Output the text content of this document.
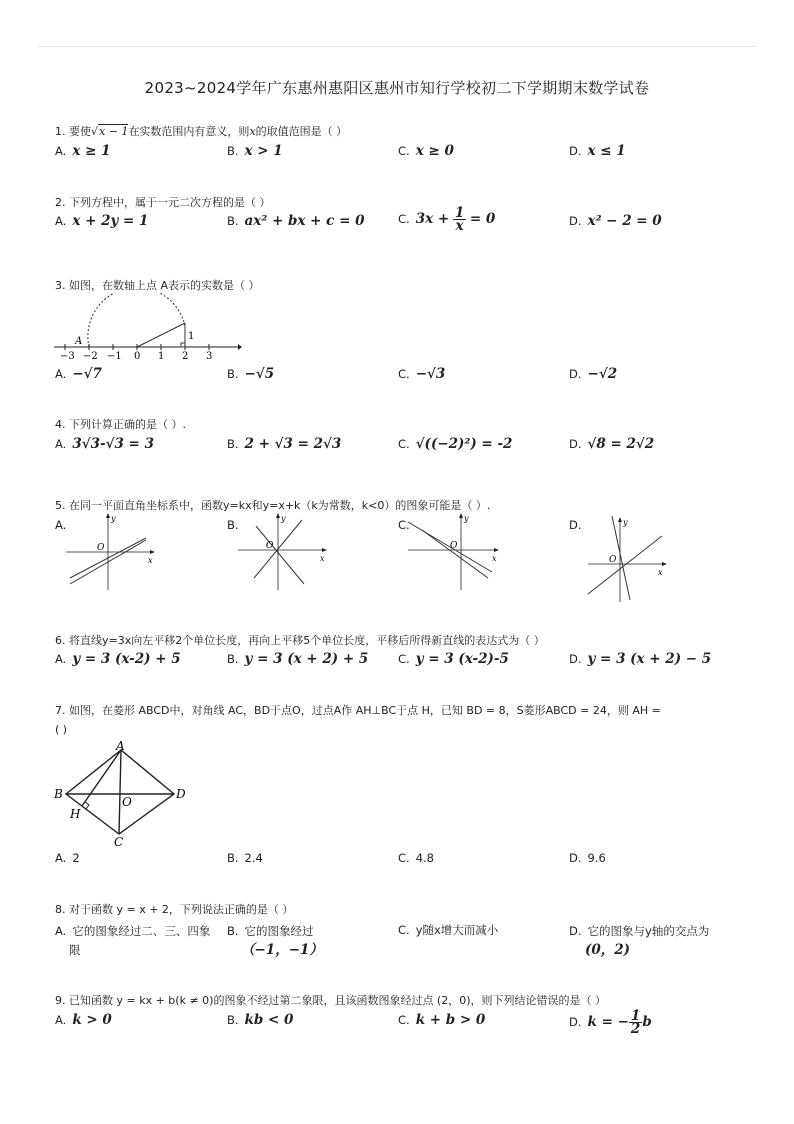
2023~2024学年广东惠州惠阳区惠州市知行学校初二下学期期末数学试卷
1. 要使√x − 1在实数范围内有意义，则x的取值范围是（ ）
A. x ≥ 1	B. x > 1	C. x ≥ 0	D. x ≤ 1
2. 下列方程中，属于一元二次方程的是（ ）
A. x + 2y = 1	B. ax² + bx + c = 0	C. $3x + \frac{1}{x} = 0$	D. x² − 2 = 0
3. 如图，在数轴上点 A表示的实数是（ ）
A	1
−3 −2 −1 0 1 2 3
A. −√7	B. −√5	C. −√3	D. −√2
4. 下列计算正确的是（ ）.
A. 3√3-√3 = 3	B. 2 + √3 = 2√3	C. √((−2)²) = -2	D. √8 = 2√2
5. 在同一平面直角坐标系中，函数y=kx和y=x+k（k为常数，k<0）的图象可能是（ ）.
A.	B.	C.	D.
O
x
y
O
x
y
O
x
y
O
x
y
6. 将直线y=3x向左平移2个单位长度，再向上平移5个单位长度，平移后所得新直线的表达式为（ ）
A. y = 3 (x-2) + 5	B. y = 3 (x + 2) + 5	C. y = 3 (x-2)-5	D. y = 3 (x + 2) − 5
7. 如图，在菱形 ABCD中，对角线 AC，BD于点O，过点A作 AH⊥BC于点 H，已知 BD = 8，S菱形ABCD = 24，则 AH =
( )
A
B
C
D
O
H
A. 2	B. 2.4	C. 4.8	D. 9.6
8. 对于函数 y = x + 2，下列说法正确的是（ ）
A. 它的图象经过二、三、四象
限
B. 它的图象经过
（−1，−1）
C. y随x增大而减小	D. 它的图象与y轴的交点为
(0，2)
9. 已知函数 y = kx + b(k ≠ 0)的图象不经过第二象限，且该函数图象经过点 (2，0)，则下列结论错误的是（ ）
A. k > 0	B. kb < 0	C. k + b > 0	D. k = − $\frac{1}{2}$ b
